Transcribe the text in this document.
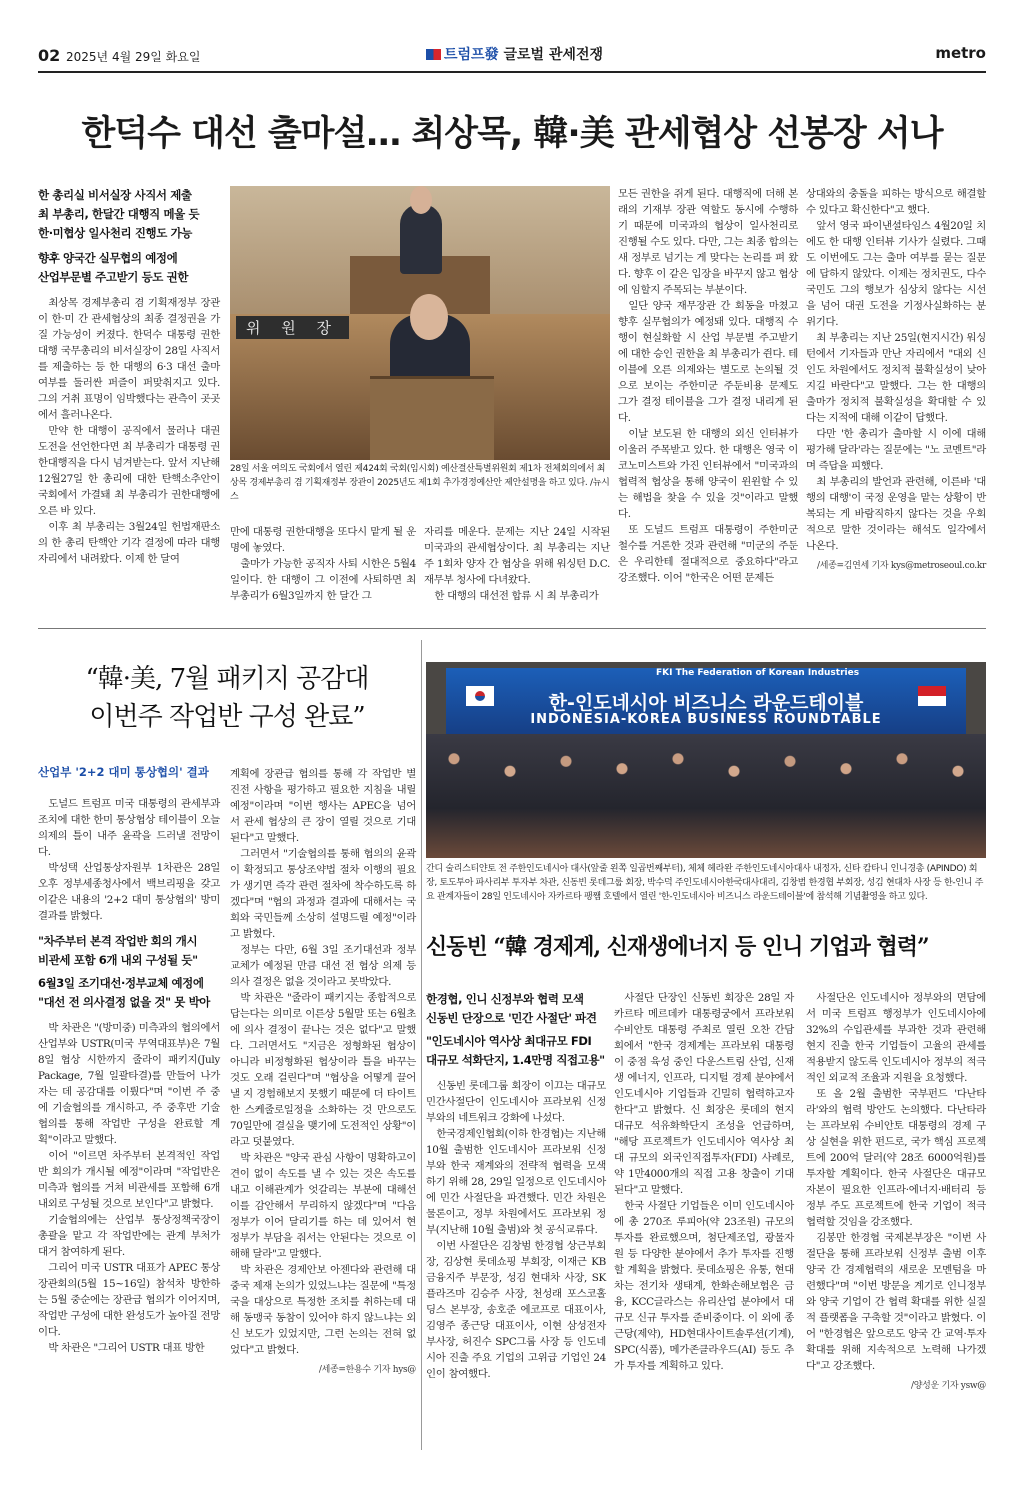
02 2025년 4월 29일 화요일	트럼프發 글로벌 관세전쟁	metro
한덕수 대선 출마설… 최상목, 韓·美 관세협상 선봉장 서나
한 총리실 비서실장 사직서 제출
최 부총리, 한달간 대행직 메울 듯
한·미협상 일사천리 진행도 가능
향후 양국간 실무협의 예정에
산업부문별 주고받기 등도 권한

최상목 경제부총리 겸 기획재정부 장관이 한·미 간 관세협상의 최종 결정권을 가질 가능성이 커졌다. 한덕수 대통령 권한대행 국무총리의 비서실장이 28일 사직서를 제출하는 등 한 대행의 6·3 대선 출마 여부를 둘러싼 퍼즐이 퍼맞춰지고 있다. 그의 거취 표명이 임박했다는 관측이 곳곳에서 흘러나온다.

만약 한 대행이 공직에서 물러나 대권 도전을 선언한다면 최 부총리가 대통령 권한대행직을 다시 넘겨받는다. 앞서 지난해 12월27일 한 총리에 대한 탄핵소추안이 국회에서 가결돼 최 부총리가 권한대행에 오른 바 있다.

이후 최 부총리는 3월24일 헌법재판소의 한 총리 탄핵안 기각 결정에 따라 대행 자리에서 내려왔다. 이제 한 달여

위 원 장
28일 서울 여의도 국회에서 열린 제424회 국회(임시회) 예산결산특별위원회 제1차 전체회의에서 최상목 경제부총리 겸 기획재정부 장관이 2025년도 제1회 추가경정예산안 제안설명을 하고 있다. /뉴시스

만에 대통령 권한대행을 또다시 맡게 될 운명에 놓였다.

출마가 가능한 공직자 사퇴 시한은 5월4일이다. 한 대행이 그 이전에 사퇴하면 최 부총리가 6월3일까지 한 달간 그

자리를 메운다. 문제는 지난 24일 시작된 미국과의 관세협상이다. 최 부총리는 지난주 1회차 양자 간 협상을 위해 워싱턴 D.C. 재무부 청사에 다녀왔다.

한 대행의 대선전 합류 시 최 부총리가

모든 권한을 쥐게 된다. 대행직에 더해 본래의 기재부 장관 역할도 동시에 수행하기 때문에 미국과의 협상이 일사천리로 진행될 수도 있다. 다만, 그는 최종 합의는 새 정부로 넘기는 게 맞다는 논리를 펴 왔다. 향후 이 같은 입장을 바꾸지 않고 협상에 임할지 주목되는 부분이다.

일단 양국 재무장관 간 회동을 마쳤고 향후 실무협의가 예정돼 있다. 대행직 수행이 현실화할 시 산업 부문별 주고받기에 대한 승인 권한을 최 부총리가 쥔다. 테이블에 오른 의제와는 별도로 논의될 것으로 보이는 주한미군 주둔비용 문제도 그가 결정 테이블을 그가 결정 내리게 된다.

이날 보도된 한 대행의 외신 인터뷰가 이울러 주목받고 있다. 한 대행은 영국 이코노미스트와 가진 인터뷰에서 "미국과의 협력적 협상을 통해 양국이 윈윈할 수 있는 해법을 찾을 수 있을 것"이라고 말했다.

또 도널드 트럼프 대통령이 주한미군 철수를 거론한 것과 관련해 "미군의 주둔은 우리한테 절대적으로 중요하다"라고 강조했다. 이어 "한국은 어떤 문제든

상대와의 충돌을 피하는 방식으로 해결할 수 있다고 확신한다"고 했다.

앞서 영국 파이낸셜타임스 4월20일 치에도 한 대행 인터뷰 기사가 실렸다. 그때도 이번에도 그는 출마 여부를 묻는 질문에 답하지 않았다. 이제는 정치권도, 다수 국민도 그의 행보가 심상치 않다는 시선을 넘어 대권 도전을 기정사실화하는 분위기다.

최 부총리는 지난 25일(현지시간) 워싱턴에서 기자들과 만난 자리에서 "대외 신인도 차원에서도 정치적 불확실성이 낮아지길 바란다"고 말했다. 그는 한 대행의 출마가 정치적 불확실성을 확대할 수 있다는 지적에 대해 이같이 답했다.

다만 '한 총리가 출마할 시 이에 대해 평가해 달라'라는 질문에는 "노 코멘트"라며 즉답을 피했다.

최 부총리의 발언과 관련해, 이른바 '대행의 대행'이 국정 운영을 맡는 상황이 반복되는 게 바람직하지 않다는 것을 우회적으로 말한 것이라는 해석도 일각에서 나온다.

/세종=김연세 기자 kys@metroseoul.co.kr
“韓·美, 7월 패키지 공감대
이번주 작업반 구성 완료”
산업부 '2+2 대미 통상협의' 결과

도널드 트럼프 미국 대통령의 관세부과 조치에 대한 한미 통상협상 테이블이 오늘 의제의 틀이 내주 윤곽을 드러낼 전망이다.

박성택 산업통상자원부 1차관은 28일 오후 정부세종청사에서 백브리핑을 갖고 이같은 내용의 '2+2 대미 통상협의' 방미 결과를 밝혔다.

"차주부터 본격 작업반 회의 개시
비관세 포함 6개 내외 구성될 듯"
6월3일 조기대선·정부교체 예정에
"대선 전 의사결정 없을 것" 못 박아

박 차관은 "(방미중) 미측과의 협의에서 산업부와 USTR(미국 무역대표부)은 7월8일 협상 시한까지 줄라이 패키지(July Package, 7월 일괄타결)를 만들어 나가자는 데 공감대를 이뤘다"며 "이번 주 중에 기술협의를 개시하고, 주 중후반 기술협의를 통해 작업반 구성을 완료할 계획"이라고 말했다.

이어 "이르면 차주부터 본격적인 작업반 회의가 개시될 예정"이라며 "작업반은 미측과 협의를 거쳐 비관세를 포함해 6개 내외로 구성될 것으로 보인다"고 밝혔다.

기술협의에는 산업부 통상정책국장이 총괄을 맡고 각 작업반에는 관계 부처가 대거 참여하게 된다.

그리어 미국 USTR 대표가 APEC 통상장관회의(5월 15~16일) 참석차 방한하는 5월 중순에는 장관급 협의가 이어지며, 작업반 구성에 대한 완성도가 높아질 전망이다.

박 차관은 "그리어 USTR 대표 방한

계획에 장관급 협의를 통해 각 작업반 별 진전 사항을 평가하고 필요한 지침을 내릴 예정"이라며 "이번 행사는 APEC을 넘어서 관세 협상의 큰 장이 열릴 것으로 기대된다"고 말했다.

그러면서 "기술협의를 통해 협의의 윤곽이 확정되고 통상조약법 절차 이행의 필요가 생기면 즉각 관련 절차에 착수하도록 하겠다"며 "협의 과정과 결과에 대해서는 국회와 국민들께 소상히 설명드릴 예정"이라고 밝혔다.

정부는 다만, 6월 3일 조기대선과 정부 교체가 예정된 만큼 대선 전 협상 의제 등 의사 결정은 없을 것이라고 못박았다.

박 차관은 "줄라이 패키지는 종합적으로 답는다는 의미로 이른상 5월말 또는 6월초에 의사 결정이 끝나는 것은 없다"고 말했다. 그러면서도 "지금은 정형화된 협상이 아니라 비정형화된 협상이라 틀을 바꾸는 것도 오래 걸린다"며 "협상을 어떻게 끌어낼 지 경험해보지 못했기 때문에 더 타이트한 스케줄로일정을 소화하는 것 만으로도 70일만에 결실을 맺기에 도전적인 상황"이라고 덧붙였다.

박 차관은 "양국 관심 사항이 명확하고이견이 없이 속도를 낼 수 있는 것은 속도를 내고 이해관계가 엇갈리는 부분에 대해선 이를 감안해서 무리하지 않겠다"며 "다음 정부가 이어 달리기를 하는 데 있어서 현 정부가 부담을 줘서는 안된다는 것으로 이해해 달라"고 말했다.

박 차관은 경제안보 아젠다와 관련해 대중국 제재 논의가 있었느냐는 질문에 "특정국을 대상으로 특정한 조치를 취하는데 대해 동맹국 동참이 있어야 하지 않느냐는 외신 보도가 있었지만, 그런 논의는 전혀 없었다"고 밝혔다.

/세종=한용수 기자 hys@
FKI The Federation of Korean Industries
한-인도네시아 비즈니스 라운드테이블
INDONESIA-KOREA BUSINESS ROUNDTABLE
간디 술리스티얀토 전 주한인도네시아 대사(앞줄 왼쪽 일곱번째부터), 체체 헤라완 주한인도네시아대사 내정자, 신타 캄타니 인니경총 (APINDO) 회장, 토도투아 파사리부 투자부 차관, 신동빈 롯데그룹 회장, 박수덕 주인도네시아한국대사대리, 김창범 한경협 부회장, 성김 현대차 사장 등 한-인니 주요 관계자들이 28일 인도네시아 자카르타 팽쨈 호텔에서 열린 '한-인도네시아 비즈니스 라운드테이블'에 참석해 기념촬영을 하고 있다.
신동빈 “韓 경제계, 신재생에너지 등 인니 기업과 협력”
한경협, 인니 신정부와 협력 모색
신동빈 단장으로 '민간 사절단' 파견
"인도네시아 역사상 최대규모 FDI
대규모 석화단지, 1.4만명 직접고용"

신동빈 롯데그룹 회장이 이끄는 대규모 민간사절단이 인도네시아 프라보워 신정부와의 네트워크 강화에 나섰다.

한국경제인협회(이하 한경협)는 지난해 10월 출범한 인도네시아 프라보워 신정부와 한국 재계와의 전략적 협력을 모색하기 위해 28, 29일 일정으로 인도네시아에 민간 사절단을 파견했다. 민간 차원은 물론이고, 정부 차원에서도 프라보워 정부(지난해 10월 출범)와 첫 공식교류다.

이번 사절단은 김창범 한경협 상근부회장, 김상현 롯데쇼핑 부회장, 이재근 KB금융지주 부문장, 성김 현대차 사장, SK플라즈마 김승주 사장, 천성래 포스코홀딩스 본부장, 송호준 에코프로 대표이사, 김영주 종근당 대표이사, 이현 삼성전자 부사장, 허진수 SPC그룹 사장 등 인도네시아 진출 주요 기업의 고위급 기업인 24인이 참여했다.

사절단 단장인 신동빈 회장은 28일 자카르타 메르데카 대통령궁에서 프라보워 수비안토 대통령 주최로 열린 오찬 간담회에서 "한국 경제계는 프라보워 대통령이 중점 육성 중인 다운스트림 산업, 신재생 에너지, 인프라, 디지털 경제 분야에서 인도네시아 기업들과 긴밀히 협력하고자 한다"고 밝혔다. 신 회장은 롯데의 현지 대규모 석유화학단지 조성을 언급하며, "해당 프로젝트가 인도네시아 역사상 최대 규모의 외국인직접투자(FDI) 사례로, 약 1만4000개의 직접 고용 창출이 기대된다"고 말했다.

한국 사절단 기업들은 이미 인도네시아에 총 270조 루피아(약 23조원) 규모의 투자를 완료했으며, 첨단제조업, 광물자원 등 다양한 분야에서 추가 투자를 진행할 계획을 밝혔다. 롯데쇼핑은 유통, 현대차는 전기차 생태계, 한화손해보험은 금융, KCC글라스는 유리산업 분야에서 대규모 신규 투자를 준비중이다. 이 외에 종근당(제약), HD현대사이트솔루션(기계), SPC(식품), 메가존클라우드(AI) 등도 추가 투자를 계획하고 있다.

사절단은 인도네시아 정부와의 면담에서 미국 트럼프 행정부가 인도네시아에 32%의 수입관세를 부과한 것과 관련해 현지 진출 한국 기업들이 고율의 관세를 적용받지 않도록 인도네시아 정부의 적극적인 외교적 조율과 지원을 요청했다.

또 올 2월 출범한 국부펀드 '다난타라'와의 협력 방안도 논의했다. 다난타라는 프라보워 수비안토 대통령의 경제 구상 실현을 위한 펀드로, 국가 핵심 프로젝트에 200억 달러(약 28조 6000억원)를 투자할 계획이다. 한국 사절단은 대규모 자본이 필요한 인프라·에너지·배터리 등 정부 주도 프로젝트에 한국 기업이 적극 협력할 것임을 강조했다.

김봉만 한경협 국제본부장은 "이번 사절단을 통해 프라보워 신정부 출범 이후 양국 간 경제협력의 새로운 모멘텀을 마련했다"며 "이번 방문을 계기로 인니정부와 양국 기업이 간 협력 확대를 위한 실질적 플랫폼을 구축할 것"이라고 밝혔다. 이어 "한경협은 앞으로도 양국 간 교역·투자 확대를 위해 지속적으로 노력해 나가겠다"고 강조했다.

/양성운 기자 ysw@
